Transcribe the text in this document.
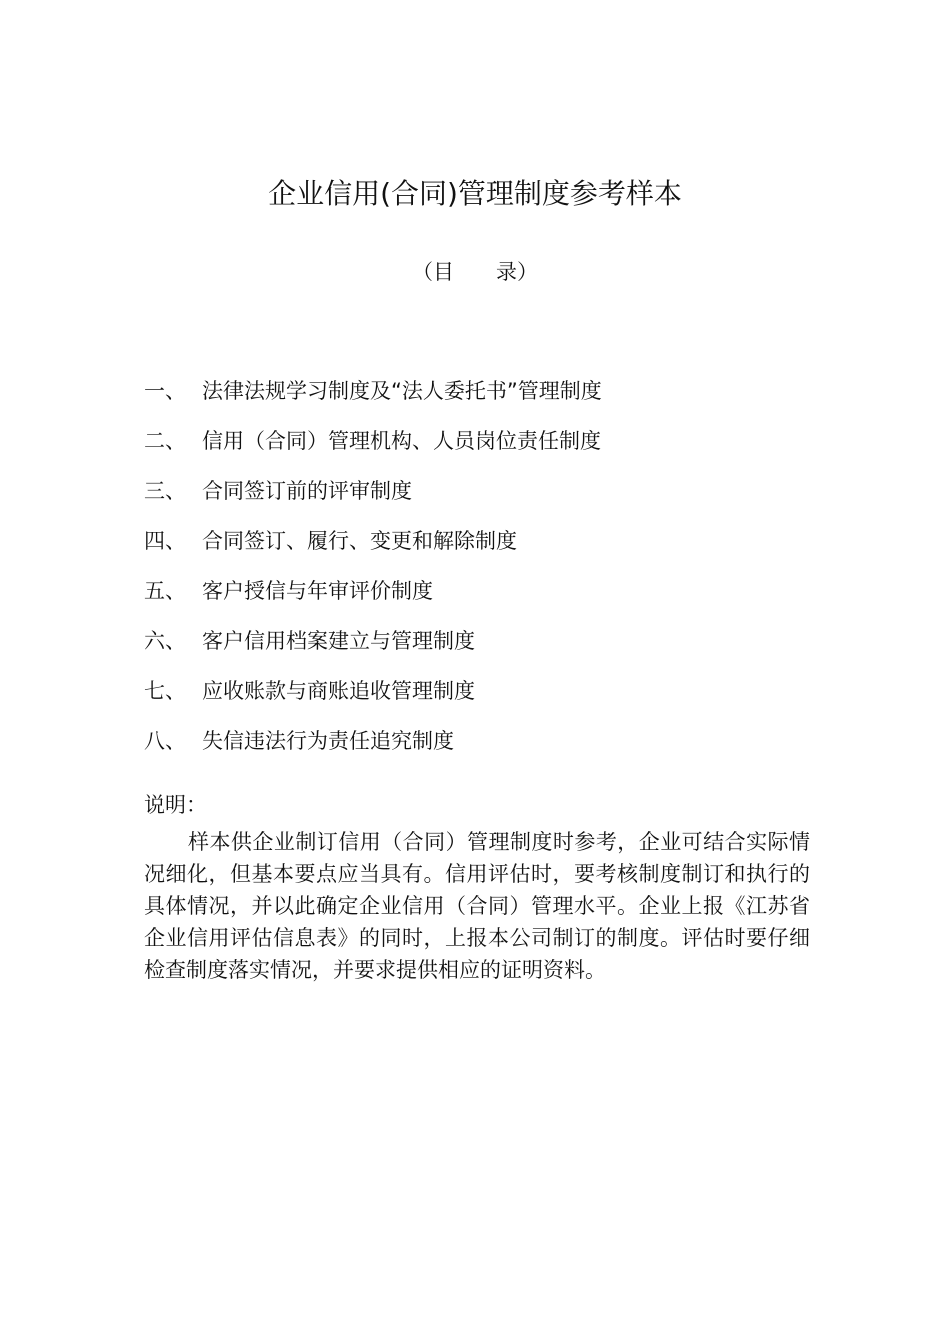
企业信用(合同)管理制度参考样本
（目　　录）
一、 法律法规学习制度及“法人委托书”管理制度
二、 信用（合同）管理机构、人员岗位责任制度
三、 合同签订前的评审制度
四、 合同签订、履行、变更和解除制度
五、 客户授信与年审评价制度
六、 客户信用档案建立与管理制度
七、 应收账款与商账追收管理制度
八、 失信违法行为责任追究制度

说明：

样本供企业制订信用（合同）管理制度时参考，企业可结合实际情况细化，但基本要点应当具有。信用评估时，要考核制度制订和执行的具体情况，并以此确定企业信用（合同）管理水平。企业上报《江苏省企业信用评估信息表》的同时，上报本公司制订的制度。评估时要仔细检查制度落实情况，并要求提供相应的证明资料。
